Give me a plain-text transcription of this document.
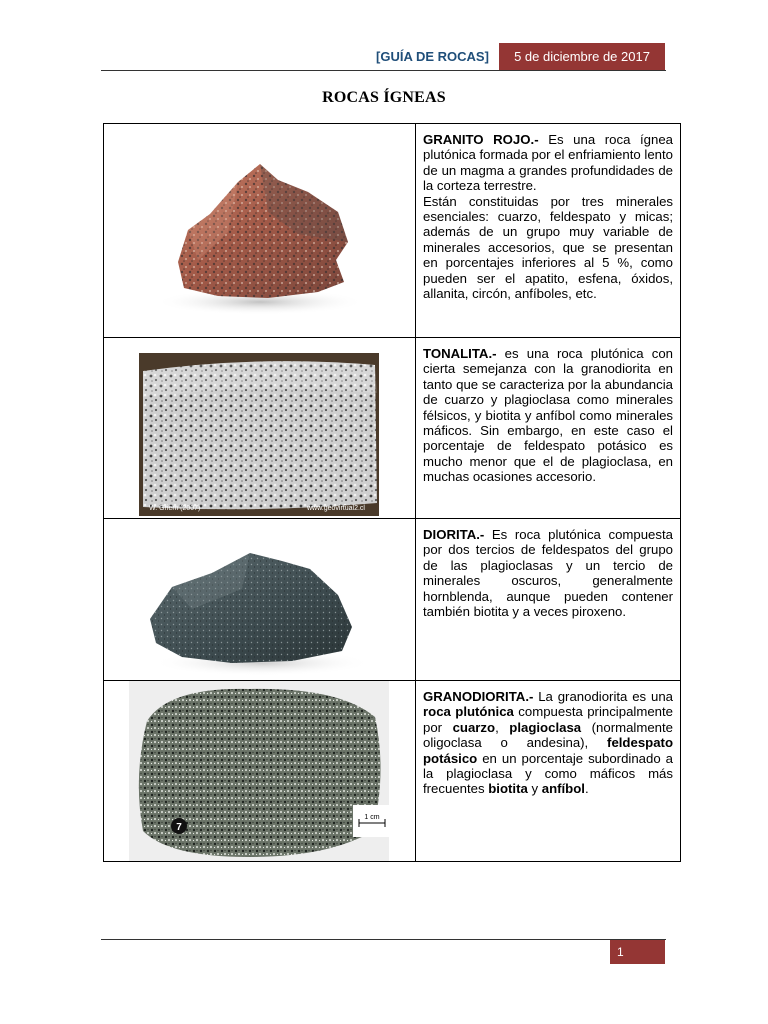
[GUÍA DE ROCAS]	5 de diciembre de 2017
ROCAS ÍGNEAS

GRANITO ROJO.- Es una roca ígnea plutónica formada por el enfriamiento lento de un magma a grandes profundidades de la corteza terrestre.

Están constituidas por tres minerales esenciales: cuarzo, feldespato y micas; además de un grupo muy variable de minerales accesorios, que se presentan en porcentajes inferiores al 5 %, como pueden ser el apatito, esfena, óxidos, allanita, circón, anfíboles, etc.

W. Griem (2007) www.geovirtual2.cl	TONALITA.- es una roca plutónica con cierta semejanza con la granodiorita en tanto que se caracteriza por la abundancia de cuarzo y plagioclasa como minerales félsicos, y biotita y anfíbol como minerales máficos. Sin embargo, en este caso el porcentaje de feldespato potásico es mucho menor que el de plagioclasa, en muchas ocasiones accesorio.

DIORITA.- Es roca plutónica compuesta por dos tercios de feldespatos del grupo de las plagioclasas y un tercio de minerales oscuros, generalmente hornblenda, aunque pueden contener también biotita y a veces piroxeno.

7
1 cm	GRANODIORITA.- La granodiorita es una roca plutónica compuesta principalmente por cuarzo, plagioclasa (normalmente oligoclasa o andesina), feldespato potásico en un porcentaje subordinado a la plagioclasa y como máficos más frecuentes biotita y anfíbol.

1
